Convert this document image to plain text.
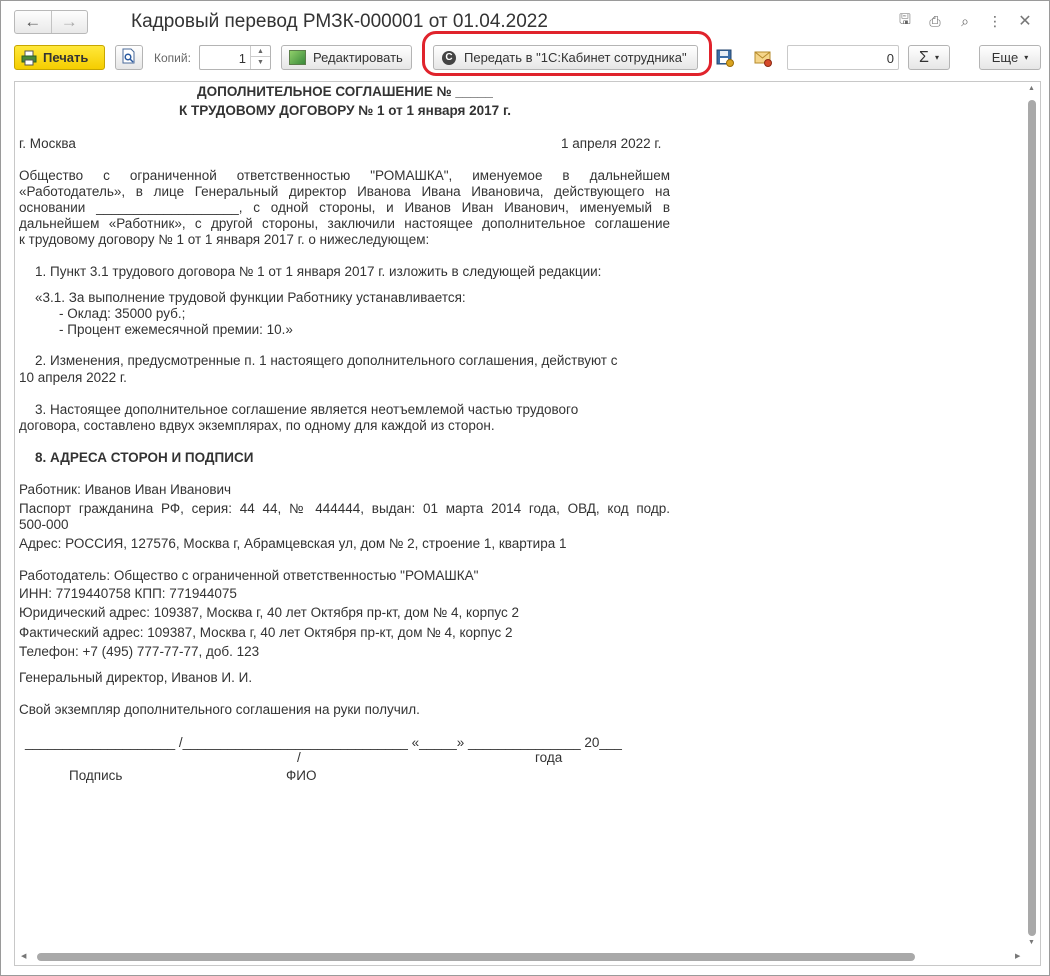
←	→	Кадровый перевод РМЗК-000001 от 01.04.2022	🖫	⎙	⌕	⋮ ✕
Печать	Копий:	1	▲
▼	Редактировать	С Передать в "1С:Кабинет сотрудника"	0 Σ ▾	Еще ▾
ДОПОЛНИТЕЛЬНОЕ СОГЛАШЕНИЕ № _____
К ТРУДОВОМУ ДОГОВОРУ № 1 от 1 января 2017 г.
г. Москва	1 апреля 2022 г.
Общество с ограниченной ответственностью "РОМАШКА", именуемое в дальнейшем
«Работодатель», в лице Генеральный директор Иванова Ивана Ивановича, действующего на
основании ___________________, с одной стороны, и Иванов Иван Иванович, именуемый в
дальнейшем «Работник», с другой стороны, заключили настоящее дополнительное соглашение
к трудовому договору № 1 от 1 января 2017 г. о нижеследующем:
1. Пункт 3.1 трудового договора № 1 от 1 января 2017 г. изложить в следующей редакции:
«3.1. За выполнение трудовой функции Работнику устанавливается:
- Оклад: 35000 руб.;
- Процент ежемесячной премии: 10.»
2. Изменения, предусмотренные п. 1 настоящего дополнительного соглашения, действуют с
10 апреля 2022 г.
3. Настоящее дополнительное соглашение является неотъемлемой частью трудового
договора, составлено вдвух экземплярах, по одному для каждой из сторон.
8. АДРЕСА СТОРОН И ПОДПИСИ
Работник: Иванов Иван Иванович
Паспорт гражданина РФ, серия: 44 44, № 444444, выдан: 01 марта 2014 года, ОВД, код подр.
500-000
Адрес: РОССИЯ, 127576, Москва г, Абрамцевская ул, дом № 2, строение 1, квартира 1
Работодатель: Общество с ограниченной ответственностью "РОМАШКА"
ИНН: 7719440758 КПП: 771944075
Юридический адрес: 109387, Москва г, 40 лет Октября пр-кт, дом № 4, корпус 2
Фактический адрес: 109387, Москва г, 40 лет Октября пр-кт, дом № 4, корпус 2
Телефон: +7 (495) 777-77-77, доб. 123
Генеральный директор, Иванов И. И.
Свой экземпляр дополнительного соглашения на руки получил.
____________________ /______________________________ «_____» _______________ 20___
/	года
Подпись	ФИО
▲
▼
◀	▶
